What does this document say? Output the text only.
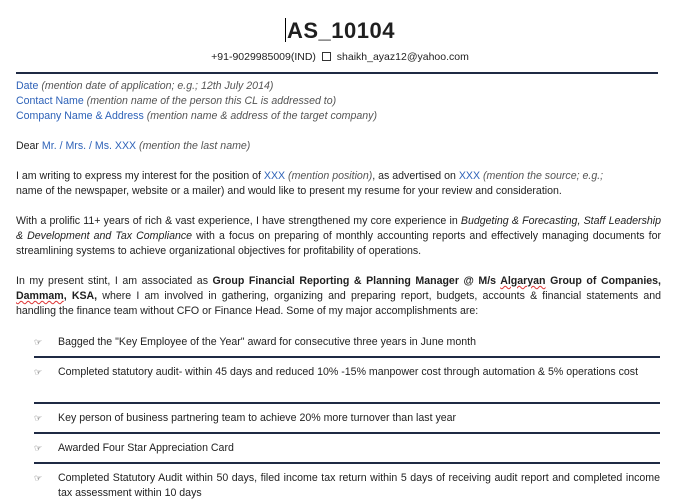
AS_10104
+91-9029985009(IND) shaikh_ayaz12@yahoo.com
Date (mention date of application; e.g.; 12th July 2014)
Contact Name (mention name of the person this CL is addressed to)
Company Name & Address (mention name & address of the target company)
Dear Mr. / Mrs. / Ms. XXX (mention the last name)

I am writing to express my interest for the position of XXX (mention position), as advertised on XXX (mention the source; e.g.;
name of the newspaper, website or a mailer) and would like to present my resume for your review and consideration.

With a prolific 11+ years of rich & vast experience, I have strengthened my core experience in Budgeting & Forecasting, Staff Leadership & Development and Tax Compliance with a focus on preparing of monthly accounting reports and effectively managing documents for streamlining systems to achieve organizational objectives for profitability of operations.

In my present stint, I am associated as Group Financial Reporting & Planning Manager @ M/s Algaryan Group of Companies, Dammam, KSA, where I am involved in gathering, organizing and preparing report, budgets, accounts & financial statements and handling the finance team without CFO or Finance Head. Some of my major accomplishments are:

☞	Bagged the "Key Employee of the Year" award for consecutive three years in June month
☞	Completed statutory audit- within 45 days and reduced 10% -15% manpower cost through automation & 5% operations cost
☞	Key person of business partnering team to achieve 20% more turnover than last year
☞	Awarded Four Star Appreciation Card
☞	Completed Statutory Audit within 50 days, filed income tax return within 5 days of receiving audit report and completed income tax assessment within 10 days
